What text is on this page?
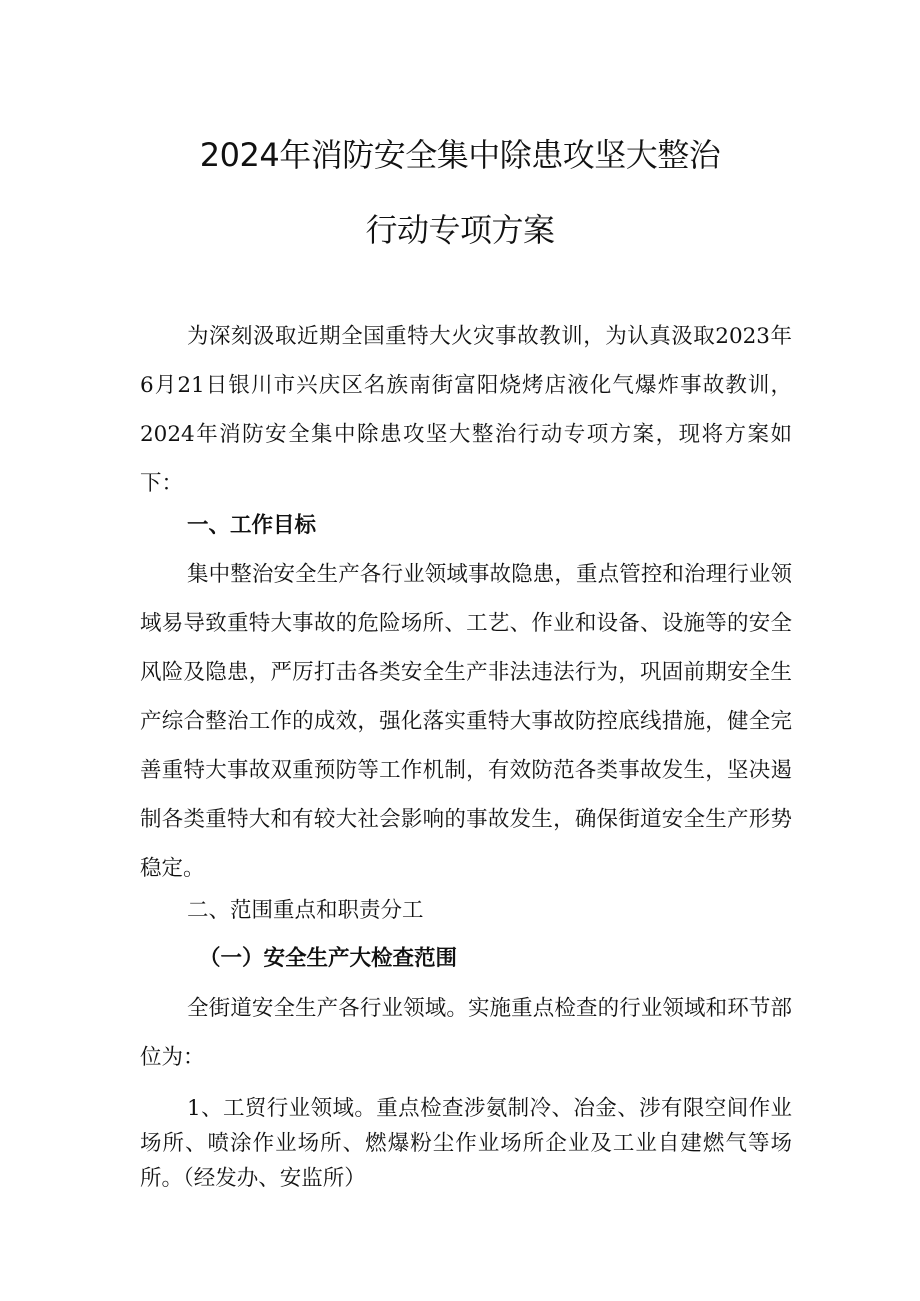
2024年消防安全集中除患攻坚大整治
行动专项方案

为深刻汲取近期全国重特大火灾事故教训，为认真汲取2023年6月21日银川市兴庆区名族南街富阳烧烤店液化气爆炸事故教训，2024年消防安全集中除患攻坚大整治行动专项方案，现将方案如下：

一、工作目标

集中整治安全生产各行业领域事故隐患，重点管控和治理行业领域易导致重特大事故的危险场所、工艺、作业和设备、设施等的安全风险及隐患，严厉打击各类安全生产非法违法行为，巩固前期安全生产综合整治工作的成效，强化落实重特大事故防控底线措施，健全完善重特大事故双重预防等工作机制，有效防范各类事故发生，坚决遏制各类重特大和有较大社会影响的事故发生，确保街道安全生产形势稳定。

二、范围重点和职责分工

（一）安全生产大检查范围

全街道安全生产各行业领域。实施重点检查的行业领域和环节部位为：

1、工贸行业领域。重点检查涉氨制冷、冶金、涉有限空间作业场所、喷涂作业场所、燃爆粉尘作业场所企业及工业自建燃气等场所。（经发办、安监所）
